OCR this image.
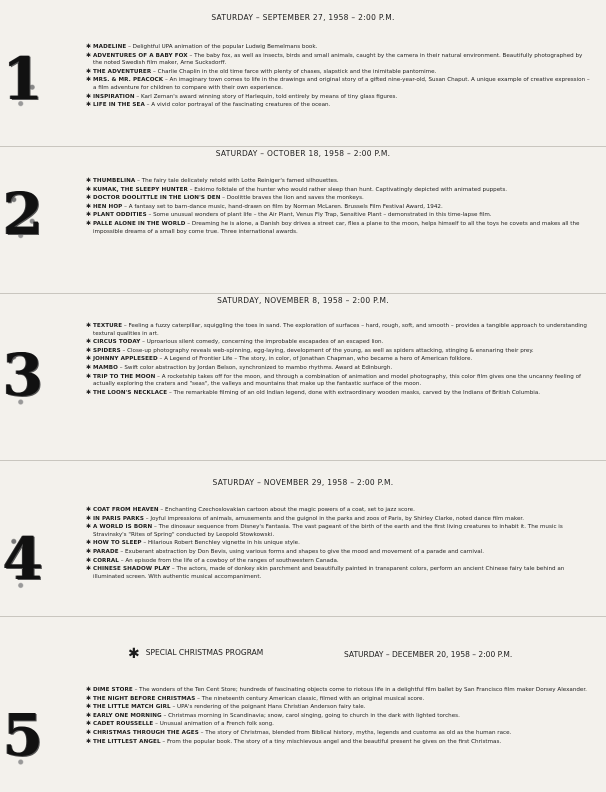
SATURDAY – SEPTEMBER 27, 1958 – 2:00 P.M.
1	✱ MADELINE – Delightful UPA animation of the popular Ludwig Bemelmans book.

✱ ADVENTURES OF A BABY FOX – The baby fox, as well as insects, birds and small animals, caught by the camera in their natural environment. Beautifully photographed by the noted Swedish film maker, Arne Sucksdorff.

✱ THE ADVENTURER – Charlie Chaplin in the old time farce with plenty of chases, slapstick and the inimitable pantomime.

✱ MRS. & MR. PEACOCK – An imaginary town comes to life in the drawings and original story of a gifted nine-year-old, Susan Chaput. A unique example of creative expression – a film adventure for children to compare with their own experience.

✱ INSPIRATION – Karl Zeman's award winning story of Harlequin, told entirely by means of tiny glass figures.

✱ LIFE IN THE SEA – A vivid color portrayal of the fascinating creatures of the ocean.

SATURDAY – OCTOBER 18, 1958 – 2:00 P.M.
2	✱ THUMBELINA – The fairy tale delicately retold with Lotte Reiniger's famed silhouettes.

✱ KUMAK, THE SLEEPY HUNTER – Eskimo folktale of the hunter who would rather sleep than hunt. Captivatingly depicted with animated puppets.

✱ DOCTOR DOOLITTLE IN THE LION'S DEN – Doolittle braves the lion and saves the monkeys.

✱ HEN HOP – A fantasy set to barn-dance music, hand-drawn on film by Norman McLaren. Brussels Film Festival Award, 1942.

✱ PLANT ODDITIES – Some unusual wonders of plant life – the Air Plant, Venus Fly Trap, Sensitive Plant – demonstrated in this time-lapse film.

✱ PALLE ALONE IN THE WORLD – Dreaming he is alone, a Danish boy drives a street car, flies a plane to the moon, helps himself to all the toys he covets and makes all the impossible dreams of a small boy come true. Three international awards.

SATURDAY, NOVEMBER 8, 1958 – 2:00 P.M.
3

✱ TEXTURE – Feeling a fuzzy caterpillar, squiggling the toes in sand. The exploration of surfaces – hard, rough, soft, and smooth – provides a tangible approach to understanding textural qualities in art.

✱ CIRCUS TODAY – Uproarious silent comedy, concerning the improbable escapades of an escaped lion.

✱ SPIDERS – Close-up photography reveals web-spinning, egg-laying, development of the young, as well as spiders attacking, stinging & ensnaring their prey.

✱ JOHNNY APPLESEED – A Legend of Frontier Life – The story, in color, of Jonathan Chapman, who became a hero of American folklore.

✱ MAMBO – Swift color abstraction by Jordan Belson, synchronized to mambo rhythms. Award at Edinburgh.

✱ TRIP TO THE MOON – A rocketship takes off for the moon, and through a combination of animation and model photography, this color film gives one the uncanny feeling of actually exploring the craters and "seas", the valleys and mountains that make up the fantastic surface of the moon.

✱ THE LOON'S NECKLACE – The remarkable filming of an old Indian legend, done with extraordinary wooden masks, carved by the Indians of British Columbia.

SATURDAY – NOVEMBER 29, 1958 – 2:00 P.M.
4

✱ COAT FROM HEAVEN – Enchanting Czechoslovakian cartoon about the magic powers of a coat, set to jazz score.

✱ IN PARIS PARKS – Joyful impressions of animals, amusements and the guignol in the parks and zoos of Paris, by Shirley Clarke, noted dance film maker.

✱ A WORLD IS BORN – The dinosaur sequence from Disney's Fantasia. The vast pageant of the birth of the earth and the first living creatures to inhabit it. The music is Stravinsky's "Rites of Spring" conducted by Leopold Stowkowski.

✱ HOW TO SLEEP – Hilarious Robert Benchley vignette in his unique style.

✱ PARADE – Exuberant abstraction by Don Bevis, using various forms and shapes to give the mood and movement of a parade and carnival.

✱ CORRAL – An episode from the life of a cowboy of the ranges of southwestern Canada.

✱ CHINESE SHADOW PLAY – The actors, made of donkey skin parchment and beautifully painted in transparent colors, perform an ancient Chinese fairy tale behind an illuminated screen. With authentic musical accompaniment.

✱ SPECIAL CHRISTMAS PROGRAM	SATURDAY – DECEMBER 20, 1958 – 2:00 P.M.
5

✱ DIME STORE – The wonders of the Ten Cent Store; hundreds of fascinating objects come to riotous life in a delightful film ballet by San Francisco film maker Dorsey Alexander.

✱ THE NIGHT BEFORE CHRISTMAS – The nineteenth century American classic, filmed with an original musical score.

✱ THE LITTLE MATCH GIRL – UPA's rendering of the poignant Hans Christian Anderson fairy tale.

✱ EARLY ONE MORNING – Christmas morning in Scandinavia; snow, carol singing, going to church in the dark with lighted torches.

✱ CADET ROUSSELLE – Unusual animation of a French folk song.

✱ CHRISTMAS THROUGH THE AGES – The story of Christmas, blended from Biblical history, myths, legends and customs as old as the human race.

✱ THE LITTLEST ANGEL – From the popular book. The story of a tiny mischievous angel and the beautiful present he gives on the first Christmas.
